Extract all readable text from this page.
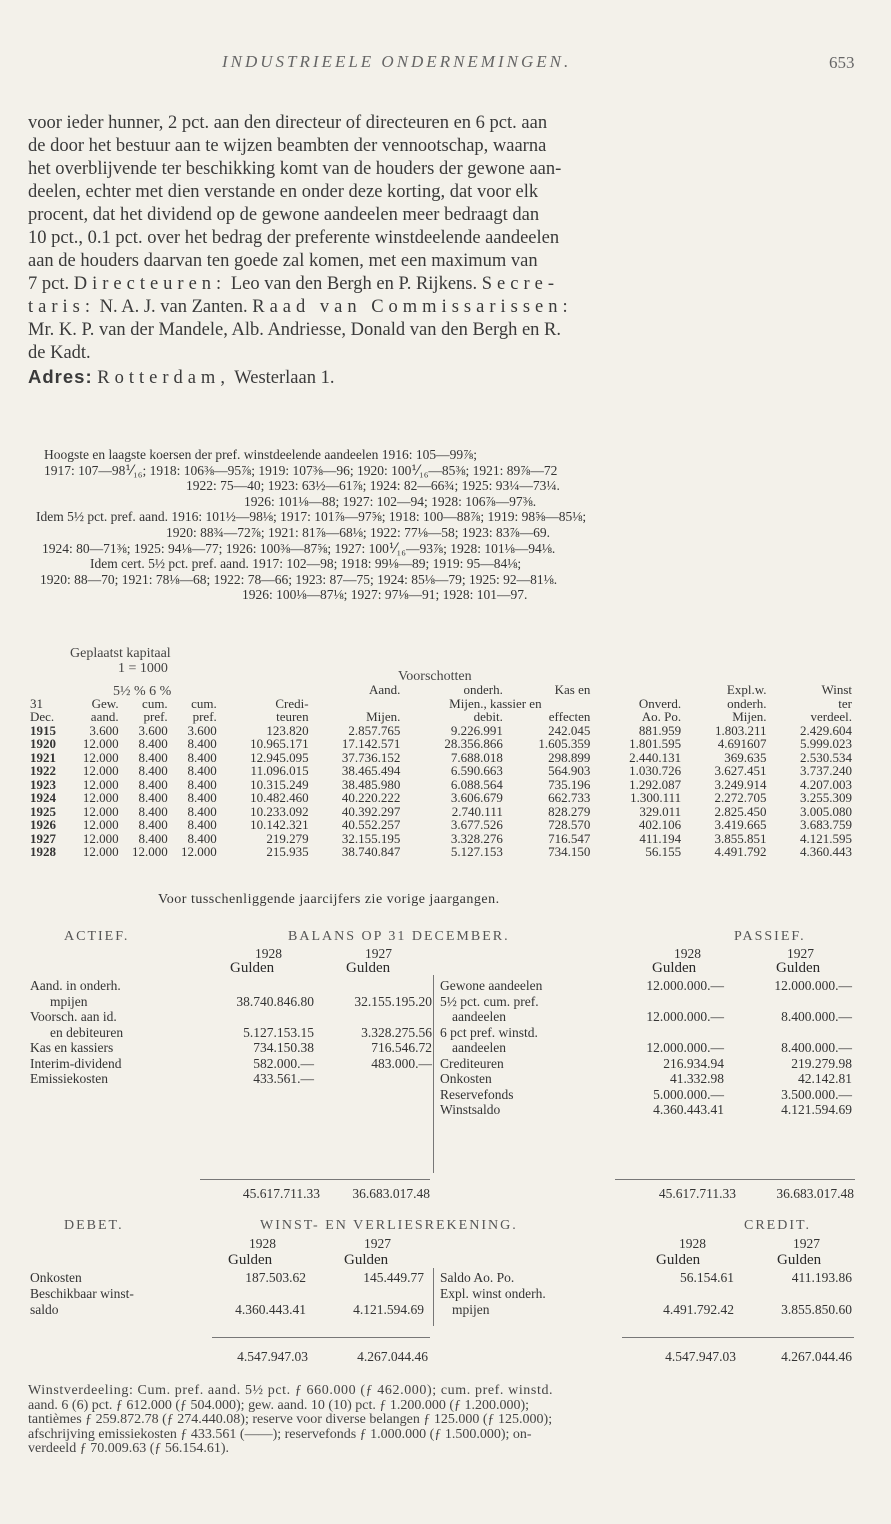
INDUSTRIEELE ONDERNEMINGEN.	653

voor ieder hunner, 2 pct. aan den directeur of directeuren en 6 pct. aan

de door het bestuur aan te wijzen beambten der vennootschap, waarna

het overblijvende ter beschikking komt van de houders der gewone aan-

deelen, echter met dien verstande en onder deze korting, dat voor elk

procent, dat het dividend op de gewone aandeelen meer bedraagt dan

10 pct., 0.1 pct. over het bedrag der preferente winstdeelende aandeelen

aan de houders daarvan ten goede zal komen, met een maximum van

7 pct. Directeuren: Leo van den Bergh en P. Rijkens. Secre-

taris: N. A. J. van Zanten. Raad van Commissarissen:

Mr. K. P. van der Mandele, Alb. Andriesse, Donald van den Bergh en R.

de Kadt.

Adres: Rotterdam, Westerlaan 1.

Hoogste en laagste koersen der pref. winstdeelende aandeelen 1916: 105—99⅞;
1917: 107—98⅟₁₆; 1918: 106⅜—95⅞; 1919: 107⅜—96; 1920: 100⅟₁₆—85⅜; 1921: 89⅞—72
1922: 75—40; 1923: 63½—61⅞; 1924: 82—66¾; 1925: 93¼—73¼.
1926: 101⅛—88; 1927: 102—94; 1928: 106⅞—97⅜.
Idem 5½ pct. pref. aand. 1916: 101½—98⅛; 1917: 101⅞—97⅝; 1918: 100—88⅞; 1919: 98⅝—85⅛;
1920: 88¾—72⅞; 1921: 81⅞—68⅛; 1922: 77⅛—58; 1923: 83⅞—69.
1924: 80—71⅜; 1925: 94⅛—77; 1926: 100⅜—87⅝; 1927: 100⅟₁₆—93⅞; 1928: 101⅛—94⅛.
Idem cert. 5½ pct. pref. aand. 1917: 102—98; 1918: 99⅛—89; 1919: 95—84⅛;
1920: 88—70; 1921: 78⅛—68; 1922: 78—66; 1923: 87—75; 1924: 85⅛—79; 1925: 92—81⅛.
1926: 100⅛—87⅛; 1927: 97⅛—91; 1928: 101—97.
Geplaatst kapitaal
1 = 1000
Voorschotten
5½ % 6 %
						Aand.	onderh.	Kas en		Expl.w.	Winst
31	Gew.	cum.	cum.	Credi-		Mijen., kassier en		Onverd.	onderh.	ter
Dec.	aand.	pref.	pref.	teuren	Mijen.	debit.	effecten	Ao. Po.	Mijen.	verdeel.
1915	3.600	3.600	3.600	123.820	2.857.765	9.226.991	242.045	881.959	1.803.211	2.429.604
1920	12.000	8.400	8.400	10.965.171	17.142.571	28.356.866	1.605.359	1.801.595	4.691607	5.999.023
1921	12.000	8.400	8.400	12.945.095	37.736.152	7.688.018	298.899	2.440.131	369.635	2.530.534
1922	12.000	8.400	8.400	11.096.015	38.465.494	6.590.663	564.903	1.030.726	3.627.451	3.737.240
1923	12.000	8.400	8.400	10.315.249	38.485.980	6.088.564	735.196	1.292.087	3.249.914	4.207.003
1924	12.000	8.400	8.400	10.482.460	40.220.222	3.606.679	662.733	1.300.111	2.272.705	3.255.309
1925	12.000	8.400	8.400	10.233.092	40.392.297	2.740.111	828.279	329.011	2.825.450	3.005.080
1926	12.000	8.400	8.400	10.142.321	40.552.257	3.677.526	728.570	402.106	3.419.665	3.683.759
1927	12.000	8.400	8.400	219.279	32.155.195	3.328.276	716.547	411.194	3.855.851	4.121.595
1928	12.000	12.000	12.000	215.935	38.740.847	5.127.153	734.150	56.155	4.491.792	4.360.443
Voor tusschenliggende jaarcijfers zie vorige jaargangen.
ACTIEF.	BALANS OP 31 DECEMBER.	PASSIEF.
1928	1927	1928	1927
Gulden	Gulden	Gulden	Gulden
Aand. in onderh.
mpijen	38.740.846.80	32.155.195.20
Voorsch. aan id.
en debiteuren	5.127.153.15	3.328.275.56
Kas en kassiers	734.150.38	716.546.72
Interim-dividend	582.000.—	483.000.—
Emissiekosten	433.561.—
Gewone aandeelen	12.000.000.—	12.000.000.—
5½ pct. cum. pref.
aandeelen	12.000.000.—	8.400.000.—
6 pct pref. winstd.
aandeelen	12.000.000.—	8.400.000.—
Crediteuren	216.934.94	219.279.98
Onkosten	41.332.98	42.142.81
Reservefonds	5.000.000.—	3.500.000.—
Winstsaldo	4.360.443.41	4.121.594.69
45.617.711.33	36.683.017.48	45.617.711.33	36.683.017.48
DEBET.	WINST- EN VERLIESREKENING.	CREDIT.
1928	1927	1928	1927
Gulden	Gulden	Gulden	Gulden
Onkosten	187.503.62	145.449.77
Beschikbaar winst-
saldo	4.360.443.41	4.121.594.69
Saldo Ao. Po.	56.154.61	411.193.86
Expl. winst onderh.
mpijen	4.491.792.42	3.855.850.60
4.547.947.03	4.267.044.46	4.547.947.03	4.267.044.46
Winstverdeeling: Cum. pref. aand. 5½ pct. ƒ 660.000 (ƒ 462.000); cum. pref. winstd.
aand. 6 (6) pct. ƒ 612.000 (ƒ 504.000); gew. aand. 10 (10) pct. ƒ 1.200.000 (ƒ 1.200.000);
tantièmes ƒ 259.872.78 (ƒ 274.440.08); reserve voor diverse belangen ƒ 125.000 (ƒ 125.000);
afschrijving emissiekosten ƒ 433.561 (——); reservefonds ƒ 1.000.000 (ƒ 1.500.000); on-
verdeeld ƒ 70.009.63 (ƒ 56.154.61).
